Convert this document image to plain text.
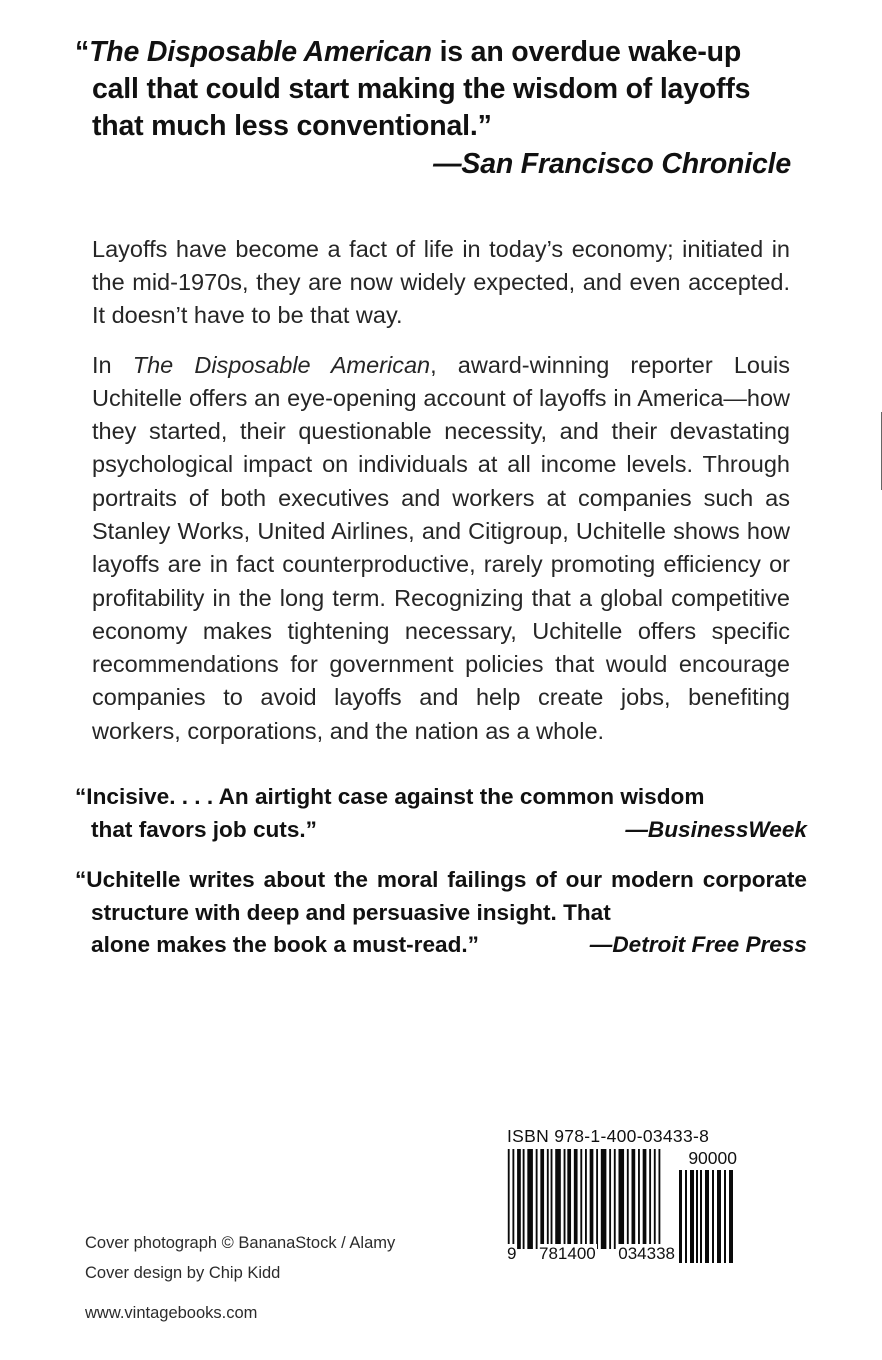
“The Disposable American is an overdue wake-up call that could start making the wisdom of layoffs that much less conventional.”
—San Francisco Chronicle

Layoffs have become a fact of life in today’s economy; initiated in the mid-1970s, they are now widely expected, and even accepted. It doesn’t have to be that way.

In The Disposable American, award-winning reporter Louis Uchitelle offers an eye-opening account of layoffs in America—how they started, their questionable necessity, and their devastating psychological impact on individuals at all income levels. Through portraits of both executives and workers at companies such as Stanley Works, United Airlines, and Citigroup, Uchitelle shows how layoffs are in fact counterproductive, rarely promoting efficiency or profitability in the long term. Recognizing that a global competitive economy makes tightening necessary, Uchitelle offers specific recommendations for government policies that would encourage companies to avoid layoffs and help create jobs, benefiting workers, corporations, and the nation as a whole.

“Incisive. . . . An airtight case against the common wisdom
that favors job cuts.”	—BusinessWeek
“Uchitelle writes about the moral failings of our modern corporate structure with deep and persuasive insight. That
alone makes the book a must-read.”	—Detroit Free Press
ISBN 978-1-400-03433-8
9 781400 034338
90000
Cover photograph © BananaStock / Alamy
Cover design by Chip Kidd
www.vintagebooks.com
